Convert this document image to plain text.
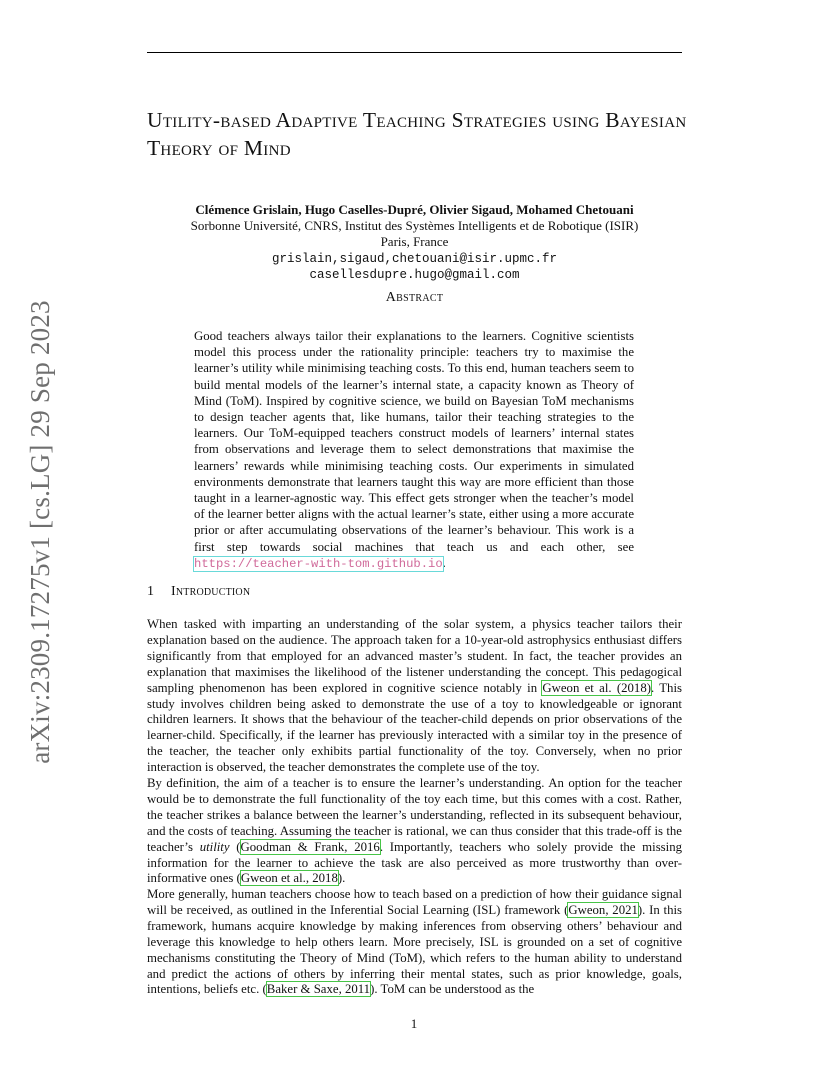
Utility-based Adaptive Teaching Strategies using Bayesian Theory of Mind
Clémence Grislain, Hugo Caselles-Dupré, Olivier Sigaud, Mohamed Chetouani
Sorbonne Université, CNRS, Institut des Systèmes Intelligents et de Robotique (ISIR)
Paris, France
grislain,sigaud,chetouani@isir.upmc.fr
casellesdupre.hugo@gmail.com
Abstract
Good teachers always tailor their explanations to the learners. Cognitive scientists model this process under the rationality principle: teachers try to maximise the learner’s utility while minimising teaching costs. To this end, human teachers seem to build mental models of the learner’s internal state, a capacity known as Theory of Mind (ToM). Inspired by cognitive science, we build on Bayesian ToM mechanisms to design teacher agents that, like humans, tailor their teaching strategies to the learners. Our ToM-equipped teachers construct models of learners’ internal states from observations and leverage them to select demonstrations that maximise the learners’ rewards while minimising teaching costs. Our experiments in simulated environments demonstrate that learners taught this way are more efficient than those taught in a learner-agnostic way. This effect gets stronger when the teacher’s model of the learner better aligns with the actual learner’s state, either using a more accurate prior or after accumulating observations of the learner’s behaviour. This work is a first step towards social machines that teach us and each other, see https://teacher-with-tom.github.io.
1 Introduction
When tasked with imparting an understanding of the solar system, a physics teacher tailors their explanation based on the audience. The approach taken for a 10-year-old astrophysics enthusiast differs significantly from that employed for an advanced master’s student. In fact, the teacher provides an explanation that maximises the likelihood of the listener understanding the concept. This pedagogical sampling phenomenon has been explored in cognitive science notably in Gweon et al. (2018). This study involves children being asked to demonstrate the use of a toy to knowledgeable or ignorant children learners. It shows that the behaviour of the teacher-child depends on prior observations of the learner-child. Specifically, if the learner has previously interacted with a similar toy in the presence of the teacher, the teacher only exhibits partial functionality of the toy. Conversely, when no prior interaction is observed, the teacher demonstrates the complete use of the toy.
By definition, the aim of a teacher is to ensure the learner’s understanding. An option for the teacher would be to demonstrate the full functionality of the toy each time, but this comes with a cost. Rather, the teacher strikes a balance between the learner’s understanding, reflected in its subsequent behaviour, and the costs of teaching. Assuming the teacher is rational, we can thus consider that this trade-off is the teacher’s utility (Goodman & Frank, 2016. Importantly, teachers who solely provide the missing information for the learner to achieve the task are also perceived as more trustworthy than over-informative ones (Gweon et al., 2018).
More generally, human teachers choose how to teach based on a prediction of how their guidance signal will be received, as outlined in the Inferential Social Learning (ISL) framework (Gweon, 2021). In this framework, humans acquire knowledge by making inferences from observing others’ behaviour and leverage this knowledge to help others learn. More precisely, ISL is grounded on a set of cognitive mechanisms constituting the Theory of Mind (ToM), which refers to the human ability to understand and predict the actions of others by inferring their mental states, such as prior knowledge, goals, intentions, beliefs etc. (Baker & Saxe, 2011). ToM can be understood as the
arXiv:2309.17275v1 [cs.LG] 29 Sep 2023
1
